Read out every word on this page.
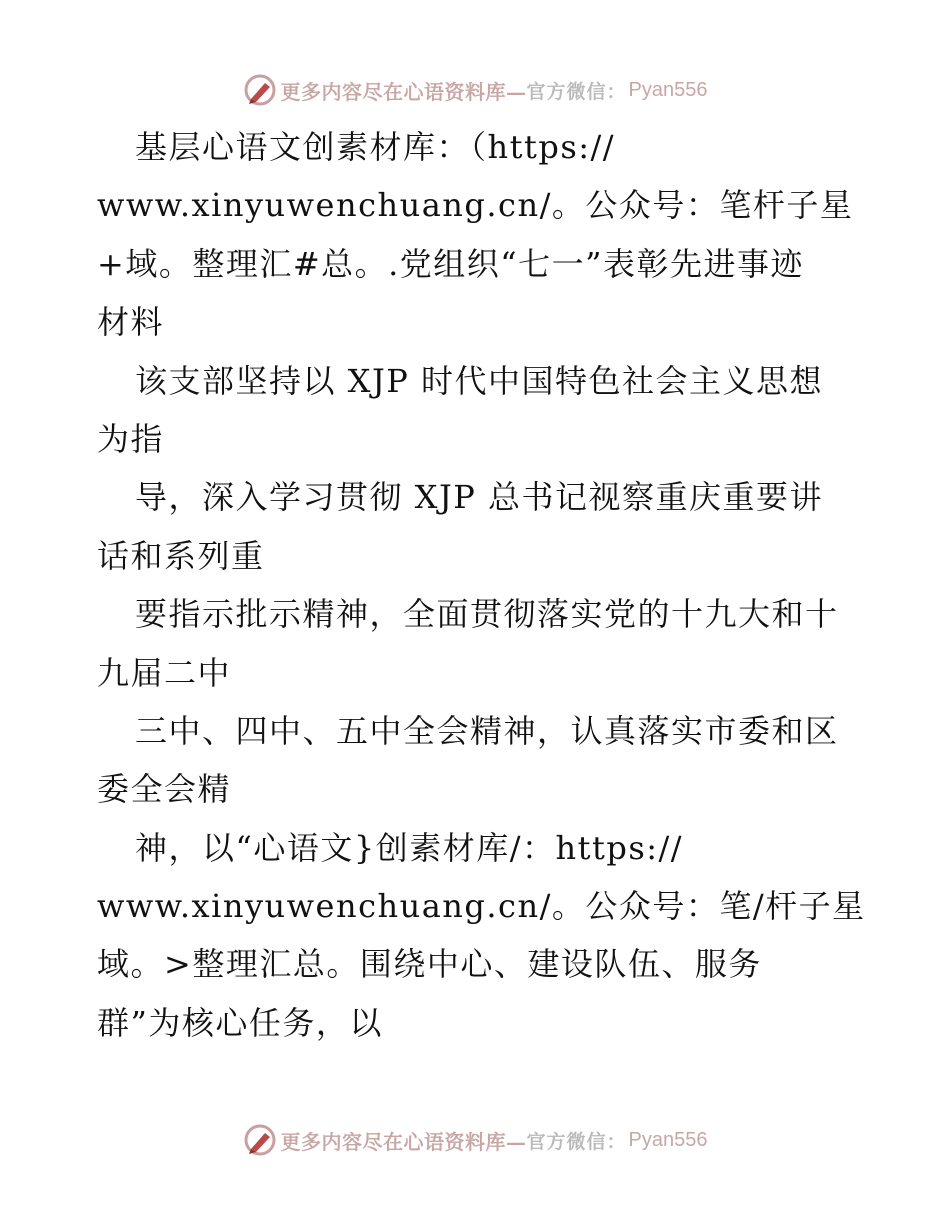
更多内容尽在心语资料库— 官方微信： Pyan556
基层心语文创素材库：（https://
www.xinyuwenchuang.cn/。公众号：笔杆子星
+域。整理汇#总。.党组织“七一”表彰先进事迹
材料
该支部坚持以 XJP 时代中国特色社会主义思想
为指
导，深入学习贯彻 XJP 总书记视察重庆重要讲
话和系列重
要指示批示精神，全面贯彻落实党的十九大和十
九届二中
三中、四中、五中全会精神，认真落实市委和区
委全会精
神，以“心语文}创素材库/：https://
www.xinyuwenchuang.cn/。公众号：笔/杆子星
域。>整理汇总。围绕中心、建设队伍、服务
群”为核心任务，以
更多内容尽在心语资料库— 官方微信： Pyan556
